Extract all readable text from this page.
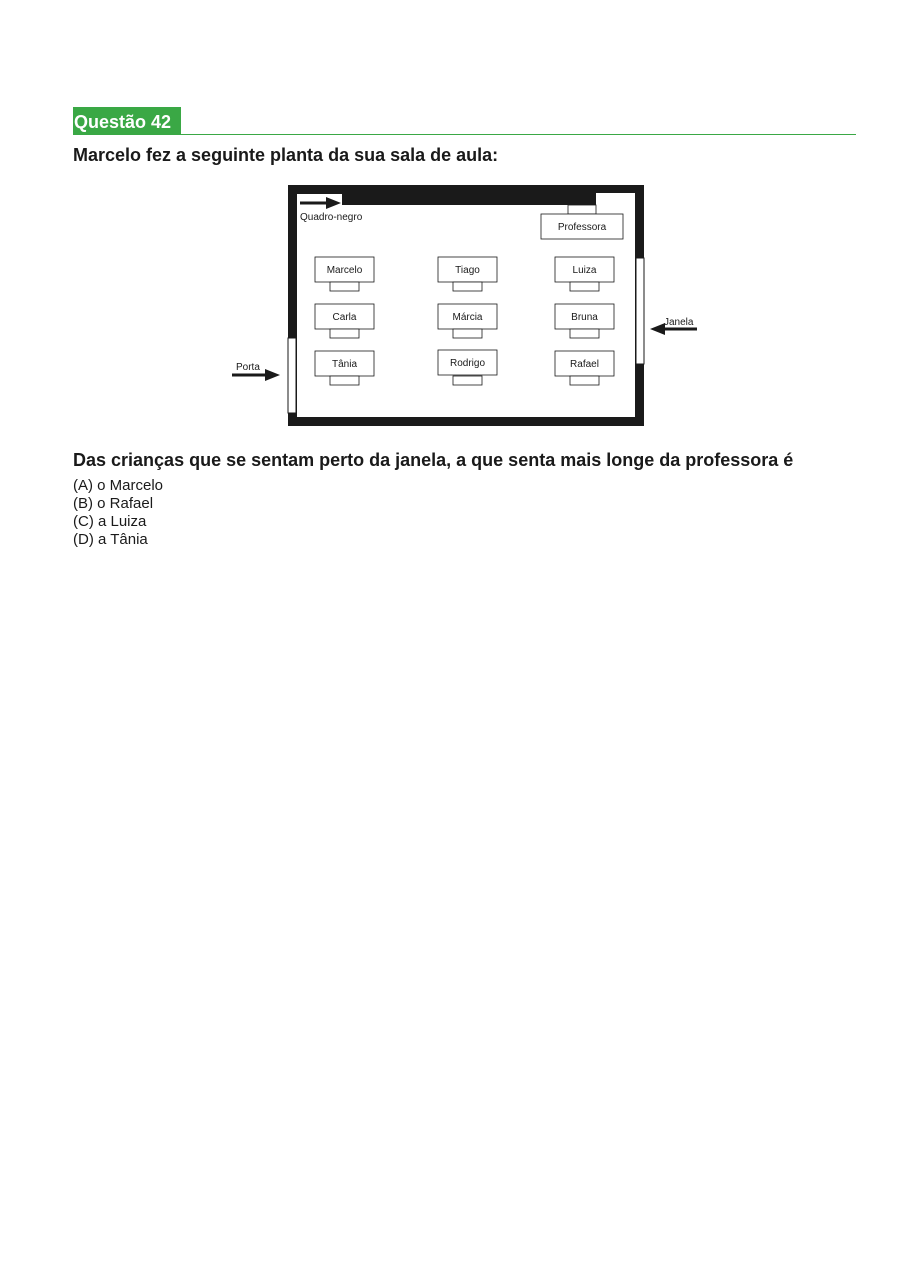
Questão 42

Marcelo fez a seguinte planta da sua sala de aula:

Quadro-negro
Professora
Janela
Porta
Marcelo	Tiago	Luiza
Carla	Márcia	Bruna
Tânia	Rodrigo	Rafael

Das crianças que se sentam perto da janela, a que senta mais longe da professora é

(A) o Marcelo
(B) o Rafael
(C) a Luiza
(D) a Tânia
